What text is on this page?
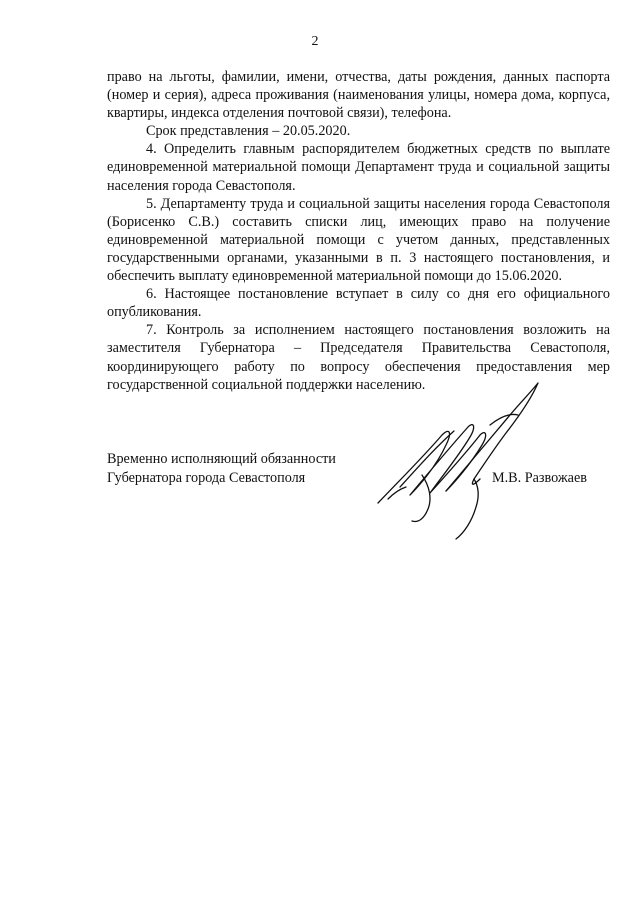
2

право на льготы, фамилии, имени, отчества, даты рождения, данных паспорта (номер и серия), адреса проживания (наименования улицы, номера дома, корпуса, квартиры, индекса отделения почтовой связи), телефона.

Срок представления – 20.05.2020.

4. Определить главным распорядителем бюджетных средств по выплате единовременной материальной помощи Департамент труда и социальной защиты населения города Севастополя.

5. Департаменту труда и социальной защиты населения города Севастополя (Борисенко С.В.) составить списки лиц, имеющих право на получение единовременной материальной помощи с учетом данных, представленных государственными органами, указанными в п. 3 настоящего постановления, и обеспечить выплату единовременной материальной помощи до 15.06.2020.

6. Настоящее постановление вступает в силу со дня его официального опубликования.

7. Контроль за исполнением настоящего постановления возложить на заместителя Губернатора – Председателя Правительства Севастополя, координирующего работу по вопросу обеспечения предоставления мер государственной социальной поддержки населению.

Временно исполняющий обязанности
Губернатора города Севастополя	М.В. Развожаев
